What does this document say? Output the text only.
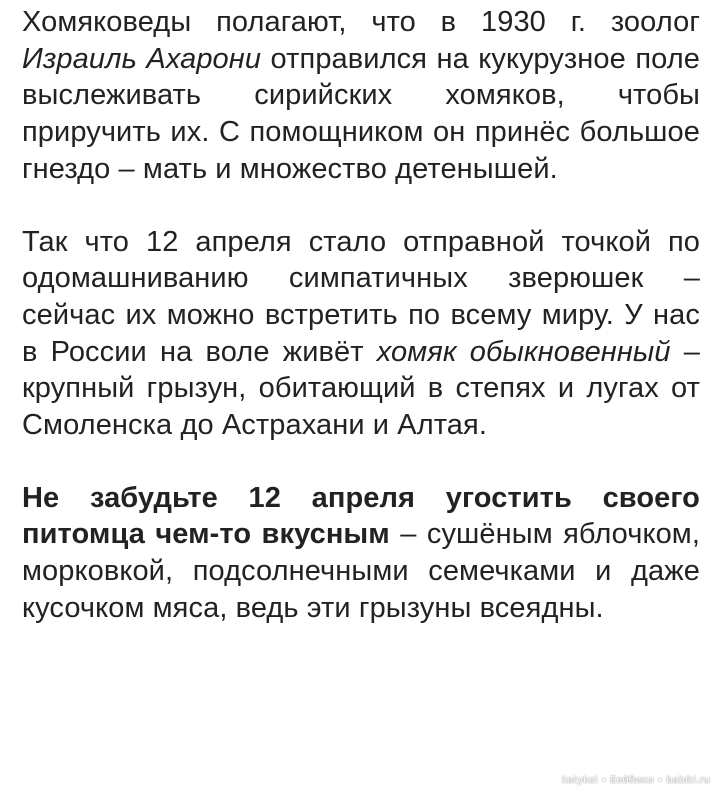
Хомяковеды полагают, что в 1930 г. зоолог Израиль Ахарони отправился на кукурузное поле выслеживать сирийских хомяков, чтобы приручить их. С помощником он принёс большое гнездо – мать и множество детенышей.

Так что 12 апреля стало отправной точкой по одомашниванию симпатичных зверюшек – сейчас их можно встретить по всему миру. У нас в России на воле живёт хомяк обыкновенный – крупный грызун, обитающий в степях и лугах от Смоленска до Астрахани и Алтая.

Не забудьте 12 апреля угостить своего питомца чем-то вкусным – сушёным яблочком, морковкой, подсолнечными семечками и даже кусочком мяса, ведь эти грызуны всеядны.

katykei • Бэйбики • babiki.ru
